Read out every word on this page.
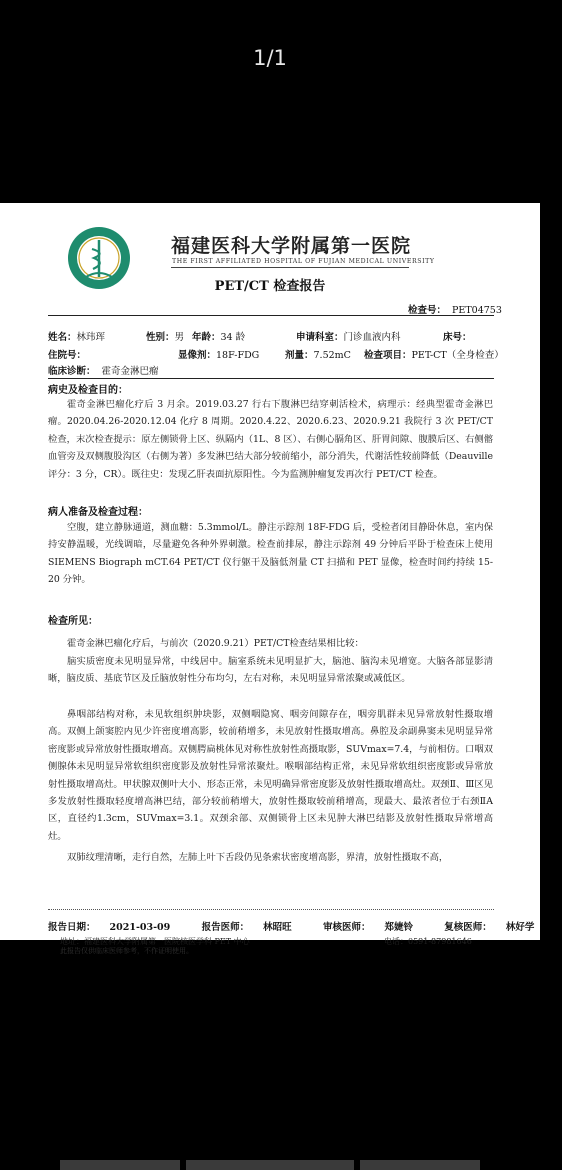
1/1
福建医科大学附属第一医院
THE FIRST AFFILIATED HOSPITAL OF FUJIAN MEDICAL UNIVERSITY
PET/CT 检查报告
检查号： PET04753
姓名：林玮珲	性别：男 年龄：34 龄	申请科室：门诊血液内科	床号：
住院号：	显像剂：18F-FDG	剂量：7.52mC 检查项目：PET-CT（全身检查）
临床诊断： 霍奇金淋巴瘤
病史及检查目的：
霍奇金淋巴瘤化疗后 3 月余。2019.03.27 行右下腹淋巴结穿刺活检术，病理示：经典型霍奇金淋巴瘤。2020.04.26-2020.12.04 化疗 8 周期。2020.4.22、2020.6.23、2020.9.21 我院行 3 次 PET/CT 检查，末次检查提示：原左侧锁骨上区、纵隔内（1L、8 区）、右侧心膈角区、肝胃间隙、腹膜后区、右侧髂血管旁及双侧腹股沟区（右侧为著）多发淋巴结大部分较前缩小，部分消失，代谢活性较前降低（Deauville 评分：3 分，CR）。既往史：发现乙肝表面抗原阳性。今为监测肿瘤复发再次行 PET/CT 检查。
病人准备及检查过程：
空腹，建立静脉通道，测血糖：5.3mmol/L。静注示踪剂 18F-FDG 后，受检者闭目静卧休息，室内保持安静温暖，光线调暗，尽量避免各种外界刺激。检查前排尿，静注示踪剂 49 分钟后平卧于检查床上使用 SIEMENS Biograph mCT.64 PET/CT 仪行躯干及脑低剂量 CT 扫描和 PET 显像，检查时间约持续 15-20 分钟。
检查所见：
霍奇金淋巴瘤化疗后，与前次（2020.9.21）PET/CT检查结果相比较：
脑实质密度未见明显异常，中线居中。脑室系统未见明显扩大，脑池、脑沟未见增宽。大脑各部显影清晰，脑皮质、基底节区及丘脑放射性分布均匀，左右对称，未见明显异常浓聚或减低区。
鼻咽部结构对称，未见软组织肿块影，双侧咽隐窝、咽旁间隙存在，咽旁肌群未见异常放射性摄取增高。双侧上颌窦腔内见少许密度增高影，较前稍增多，未见放射性摄取增高。鼻腔及余副鼻窦未见明显异常密度影或异常放射性摄取增高。双侧腭扁桃体见对称性放射性高摄取影，SUVmax=7.4，与前相仿。口咽双侧腺体未见明显异常软组织密度影及放射性异常浓聚灶。喉咽部结构正常，未见异常软组织密度影或异常放射性摄取增高灶。甲状腺双侧叶大小、形态正常，未见明确异常密度影及放射性摄取增高灶。双颈Ⅱ、Ⅲ区见多发放射性摄取轻度增高淋巴结，部分较前稍增大，放射性摄取较前稍增高，现最大、最浓者位于右颈ⅡA区，直径约1.3cm，SUVmax=3.1。双颈余部、双侧锁骨上区未见肿大淋巴结影及放射性摄取异常增高灶。
双肺纹理清晰，走行自然，左肺上叶下舌段仍见条索状密度增高影，界清，放射性摄取不高，
报告日期： 2021-03-09	报告医师： 林昭旺	审核医师： 郑婕铃	复核医师： 林好学
地址：福建医科大学附属第一医院核医学科 PET 中心	电话：0591-87981646
此报告仅供临床医师参考，不作证明使用。
